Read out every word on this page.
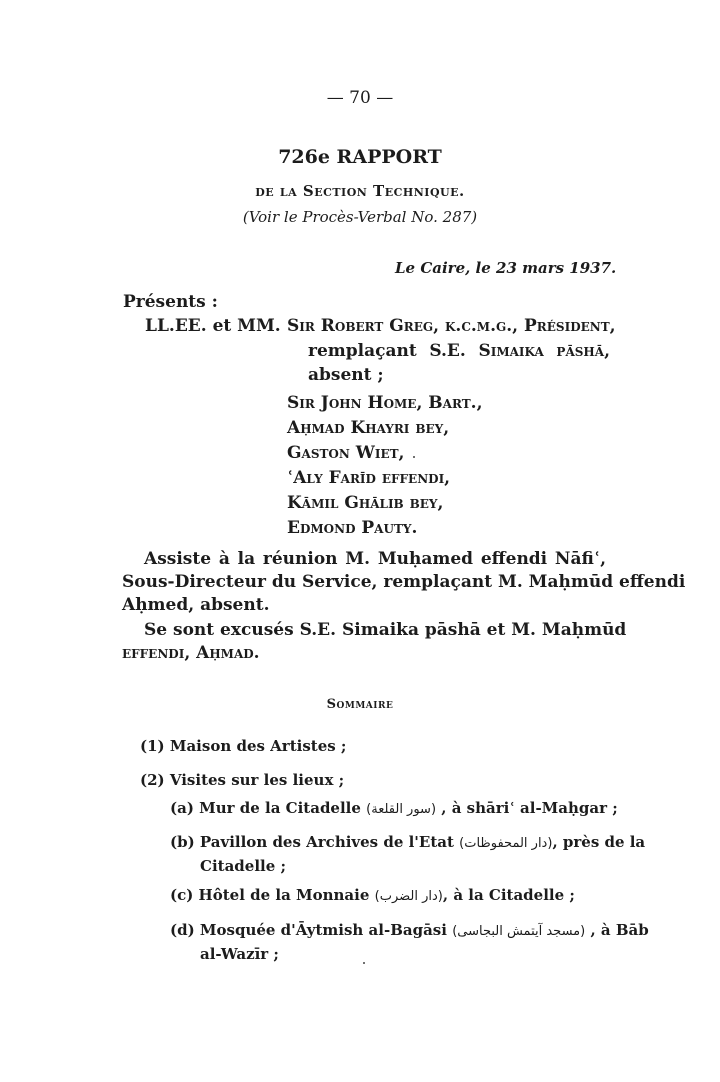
— 70 —
726e RAPPORT
de la Section Technique.
(Voir le Procès-Verbal No. 287)
Le Caire, le 23 mars 1937.
Présents :
LL.EE. et MM. Sir Robert Greg, k.c.m.g., Président,
remplaçant S.E. Simaika pāshā,
absent ;
Sir John Home, Bart.,
Aḥmad Khayri bey,
Gaston Wiet,
ʿAly Farīd effendi,
Kāmil Ghālib bey,
Edmond Pauty.
Assiste à la réunion M. Muḥamed effendi Nāfiʿ,
Sous-Directeur du Service, remplaçant M. Maḥmūd effendi
Aḥmed, absent.
Se sont excusés S.E. Simaika pāshā et M. Maḥmūd
effendi, Aḥmad.
Sommaire
(1) Maison des Artistes ;
(2) Visites sur les lieux ;
(a) Mur de la Citadelle (سور القلعة) , à shāriʿ al-Maḥgar ;
(b) Pavillon des Archives de l'Etat (دار المحفوظات), près de la
Citadelle ;
(c) Hôtel de la Monnaie (دار الضرب), à la Citadelle ;
(d) Mosquée d'Āytmish al-Bagāsi (مسجد آيتمش البجاسى) , à Bāb
al-Wazīr ;
